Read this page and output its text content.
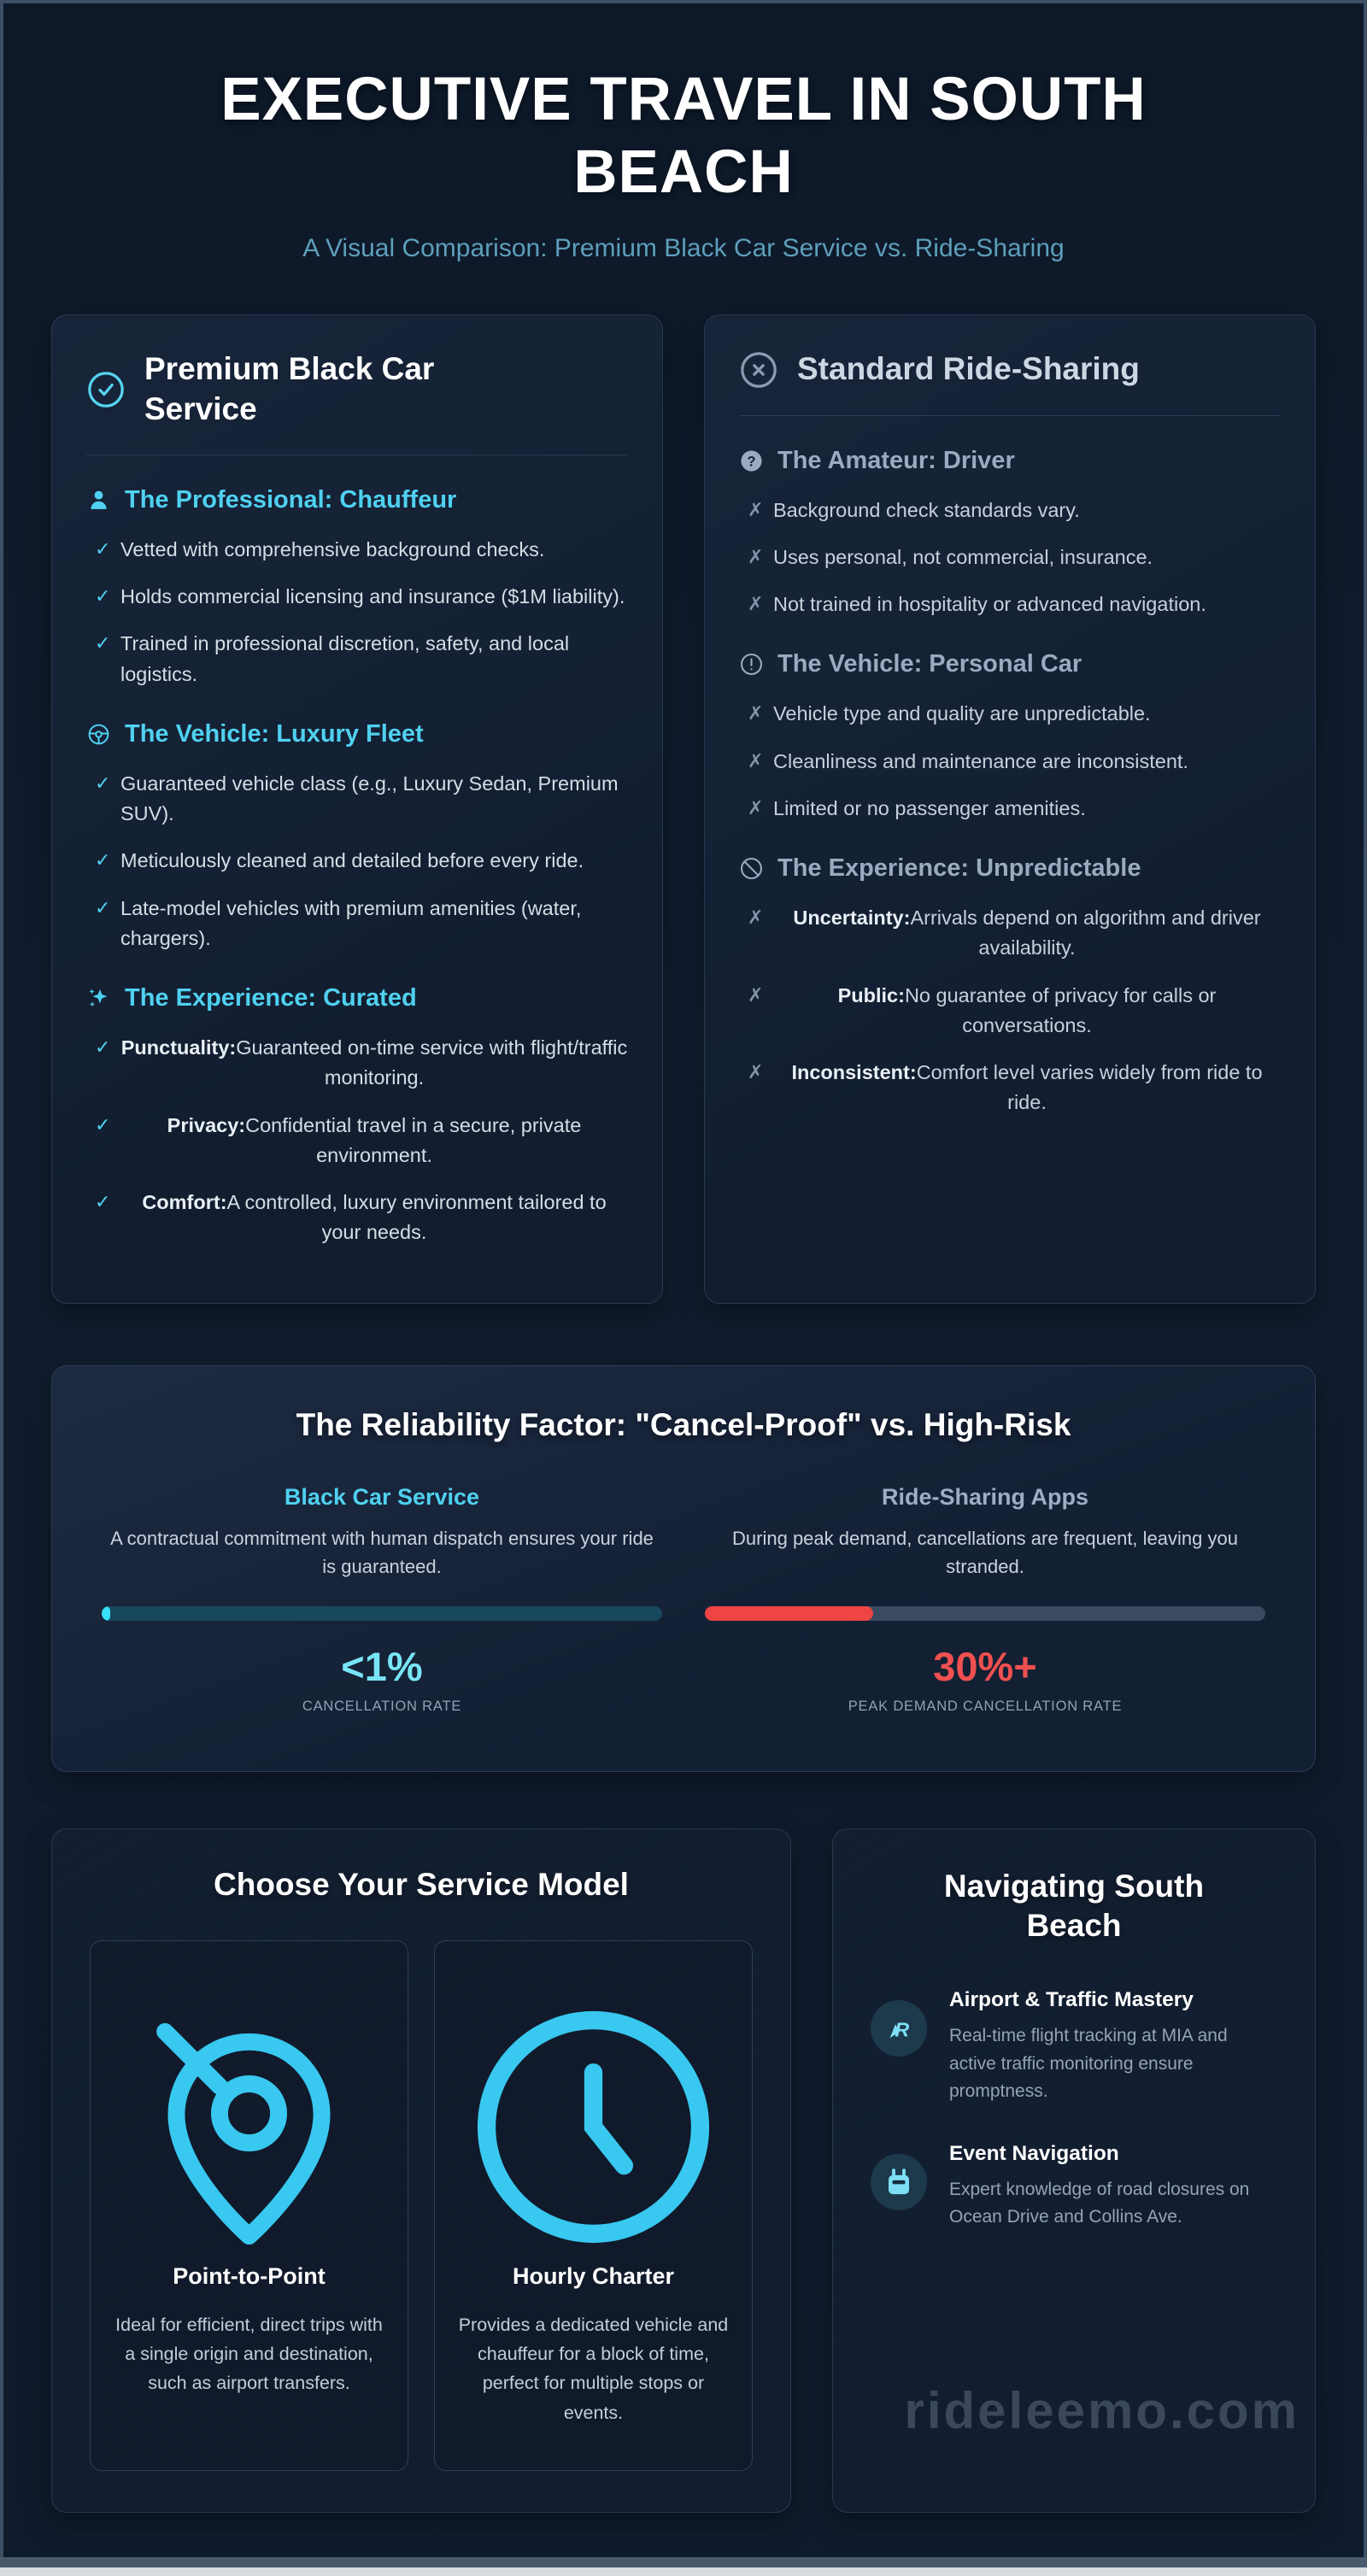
EXECUTIVE TRAVEL IN SOUTH BEACH
A Visual Comparison: Premium Black Car Service vs. Ride-Sharing
Premium Black Car Service
The Professional: Chauffeur
✓ Vetted with comprehensive background checks.
✓ Holds commercial licensing and insurance ($1M liability).
✓ Trained in professional discretion, safety, and local logistics.
The Vehicle: Luxury Fleet
✓ Guaranteed vehicle class (e.g., Luxury Sedan, Premium SUV).
✓ Meticulously cleaned and detailed before every ride.
✓ Late-model vehicles with premium amenities (water, chargers).
The Experience: Curated
✓ Punctuality:Guaranteed on-time service with flight/traffic monitoring.
✓	Privacy:Confidential travel in a secure, private environment.
✓	Comfort:A controlled, luxury environment tailored to your needs.
Standard Ride-Sharing
? The Amateur: Driver
✗ Background check standards vary.
✗ Uses personal, not commercial, insurance.
✗ Not trained in hospitality or advanced navigation.
The Vehicle: Personal Car
✗ Vehicle type and quality are unpredictable.
✗ Cleanliness and maintenance are inconsistent.
✗ Limited or no passenger amenities.
The Experience: Unpredictable
✗	Uncertainty:Arrivals depend on algorithm and driver availability.
✗	Public:No guarantee of privacy for calls or conversations.
✗	Inconsistent:Comfort level varies widely from ride to ride.
The Reliability Factor: "Cancel-Proof" vs. High-Risk
Black Car Service

A contractual commitment with human dispatch ensures your ride is guaranteed.

<1%
CANCELLATION RATE
Ride-Sharing Apps

During peak demand, cancellations are frequent, leaving you stranded.

30%+
PEAK DEMAND CANCELLATION RATE
Choose Your Service Model
Point-to-Point

Ideal for efficient, direct trips with a single origin and destination, such as airport transfers.

Hourly Charter

Provides a dedicated vehicle and chauffeur for a block of time, perfect for multiple stops or events.

Navigating South Beach
R
Airport & Traffic Mastery

Real-time flight tracking at MIA and active traffic monitoring ensure promptness.

Event Navigation

Expert knowledge of road closures on Ocean Drive and Collins Ave.

rideleemo.com
